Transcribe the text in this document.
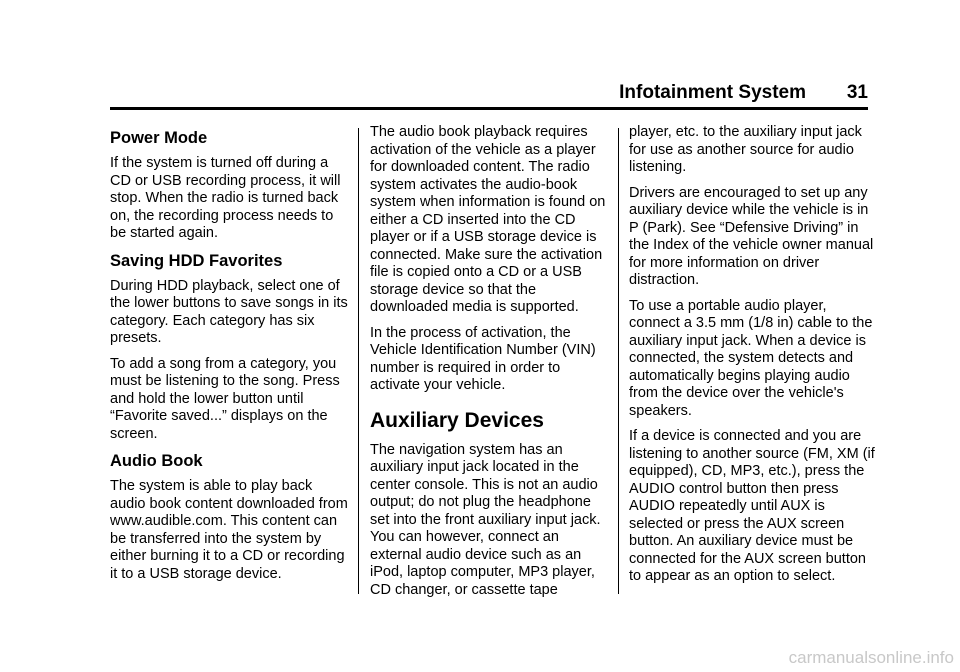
Infotainment System 31
Power Mode

If the system is turned off during a CD or USB recording process, it will stop. When the radio is turned back on, the recording process needs to be started again.

Saving HDD Favorites

During HDD playback, select one of the lower buttons to save songs in its category. Each category has six presets.

To add a song from a category, you must be listening to the song. Press and hold the lower button until “Favorite saved...” displays on the screen.

Audio Book

The system is able to play back audio book content downloaded from www.audible.com. This content can be transferred into the system by either burning it to a CD or recording it to a USB storage device.

The audio book playback requires activation of the vehicle as a player for downloaded content. The radio system activates the audio-book system when information is found on either a CD inserted into the CD player or if a USB storage device is connected. Make sure the activation file is copied onto a CD or a USB storage device so that the downloaded media is supported.

In the process of activation, the Vehicle Identification Number (VIN) number is required in order to activate your vehicle.

Auxiliary Devices

The navigation system has an auxiliary input jack located in the center console. This is not an audio output; do not plug the headphone set into the front auxiliary input jack. You can however, connect an external audio device such as an iPod, laptop computer, MP3 player, CD changer, or cassette tape

player, etc. to the auxiliary input jack for use as another source for audio listening.

Drivers are encouraged to set up any auxiliary device while the vehicle is in P (Park). See “Defensive Driving” in the Index of the vehicle owner manual for more information on driver distraction.

To use a portable audio player, connect a 3.5 mm (1/8 in) cable to the auxiliary input jack. When a device is connected, the system detects and automatically begins playing audio from the device over the vehicle's speakers.

If a device is connected and you are listening to another source (FM, XM (if equipped), CD, MP3, etc.), press the AUDIO control button then press AUDIO repeatedly until AUX is selected or press the AUX screen button. An auxiliary device must be connected for the AUX screen button to appear as an option to select.

carmanualsonline.info
